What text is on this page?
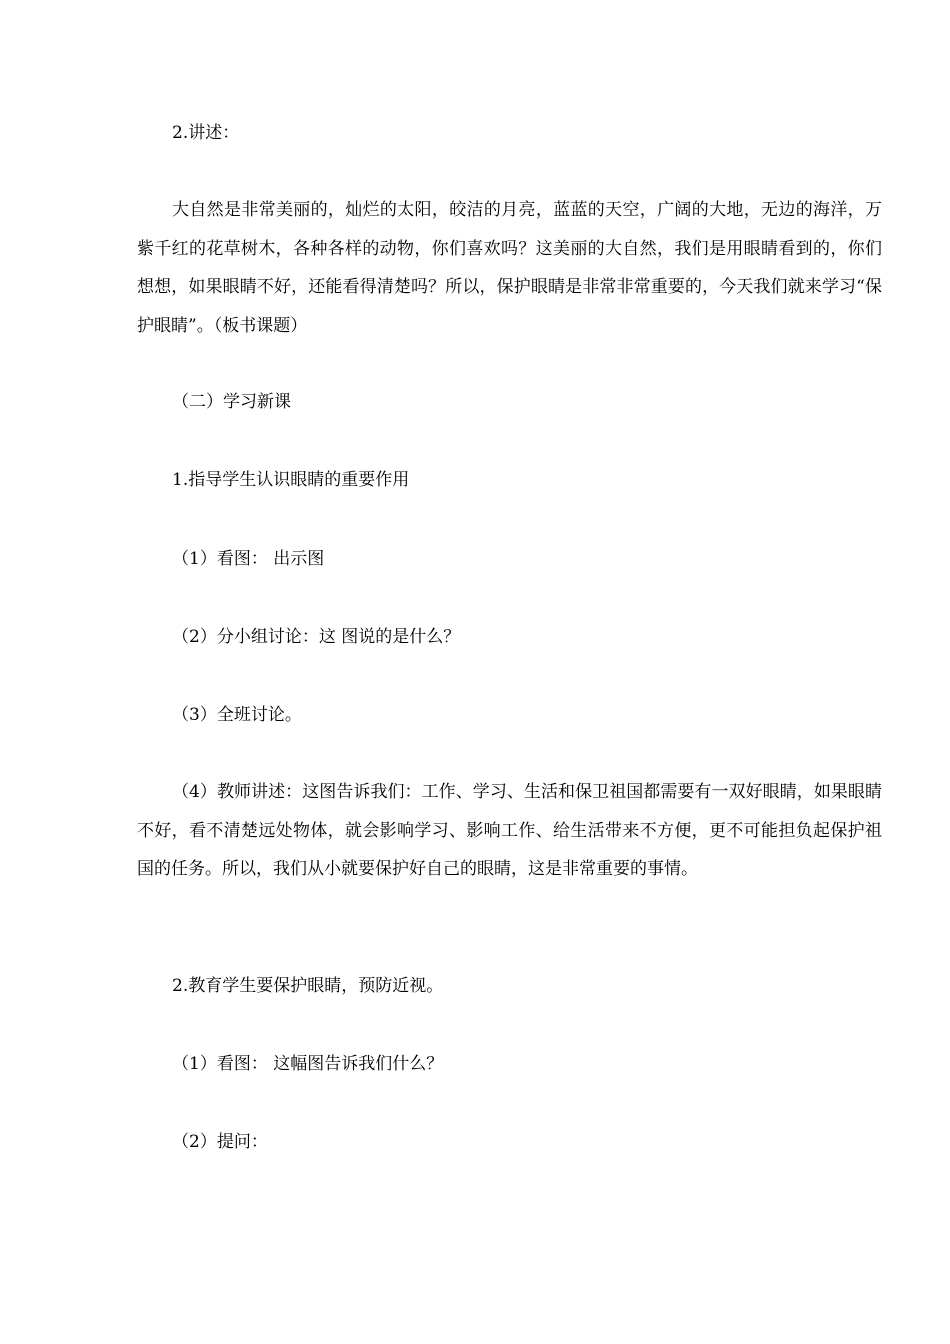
2.讲述：

大自然是非常美丽的，灿烂的太阳，皎洁的月亮，蓝蓝的天空，广阔的大地，无边的海洋，万紫千红的花草树木，各种各样的动物，你们喜欢吗？这美丽的大自然，我们是用眼睛看到的，你们想想，如果眼睛不好，还能看得清楚吗？所以，保护眼睛是非常非常重要的，今天我们就来学习“保护眼睛”。（板书课题）

（二）学习新课

1.指导学生认识眼睛的重要作用

（1）看图： 出示图

（2）分小组讨论：这 图说的是什么？

（3）全班讨论。

（4）教师讲述：这图告诉我们：工作、学习、生活和保卫祖国都需要有一双好眼睛，如果眼睛不好，看不清楚远处物体，就会影响学习、影响工作、给生活带来不方便，更不可能担负起保护祖国的任务。所以，我们从小就要保护好自己的眼睛，这是非常重要的事情。

2.教育学生要保护眼睛，预防近视。

（1）看图： 这幅图告诉我们什么？

（2）提问：
